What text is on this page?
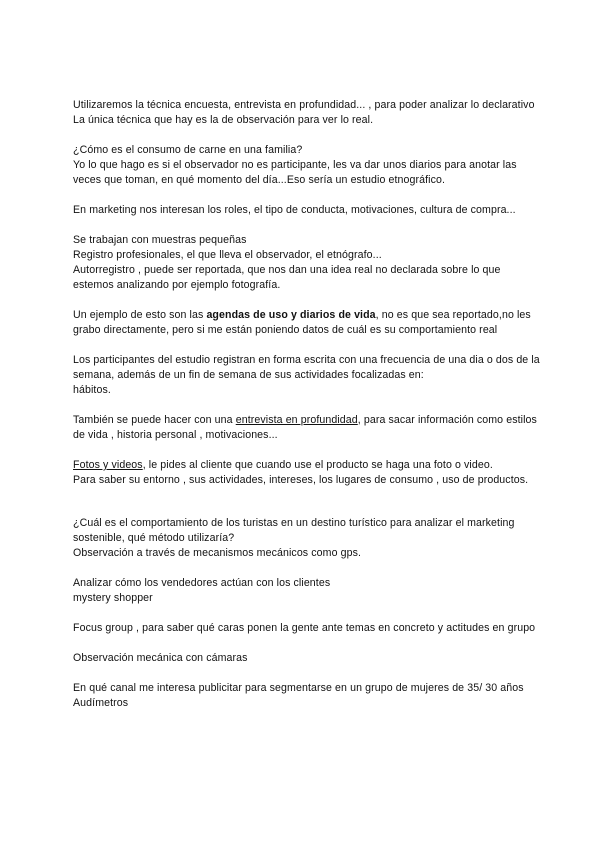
Utilizaremos la técnica encuesta, entrevista en profundidad... , para poder analizar lo declarativo

La única técnica que hay es la de observación para ver lo real.

¿Cómo es el consumo de carne en una familia?

Yo lo que hago es si el observador no es participante, les va dar unos diarios para anotar las veces que toman, en qué momento del día...Eso sería un estudio etnográfico.

En marketing nos interesan los roles, el tipo de conducta, motivaciones, cultura de compra...

Se trabajan con muestras pequeñas

Registro profesionales, el que lleva el observador, el etnógrafo...

Autorregistro , puede ser reportada, que nos dan una idea real no declarada sobre lo que estemos analizando por ejemplo fotografía.

Un ejemplo de esto son las agendas de uso y diarios de vida, no es que sea reportado,no les grabo directamente, pero si me están poniendo datos de cuál es su comportamiento real

Los participantes del estudio registran en forma escrita con una frecuencia de una dia o dos de la semana, además de un fin de semana de sus actividades focalizadas en:

hábitos.

También se puede hacer con una entrevista en profundidad, para sacar información como estilos de vida , historia personal , motivaciones...

Fotos y videos, le pides al cliente que cuando use el producto se haga una foto o video.

Para saber su entorno , sus actividades, intereses, los lugares de consumo , uso de productos.

¿Cuál es el comportamiento de los turistas en un destino turístico para analizar el marketing sostenible, qué método utilizaría?

Observación a través de mecanismos mecánicos como gps.

Analizar cómo los vendedores actúan con los clientes

mystery shopper

Focus group , para saber qué caras ponen la gente ante temas en concreto y actitudes en grupo

Observación mecánica con cámaras

En qué canal me interesa publicitar para segmentarse en un grupo de mujeres de 35/ 30 años

Audímetros
